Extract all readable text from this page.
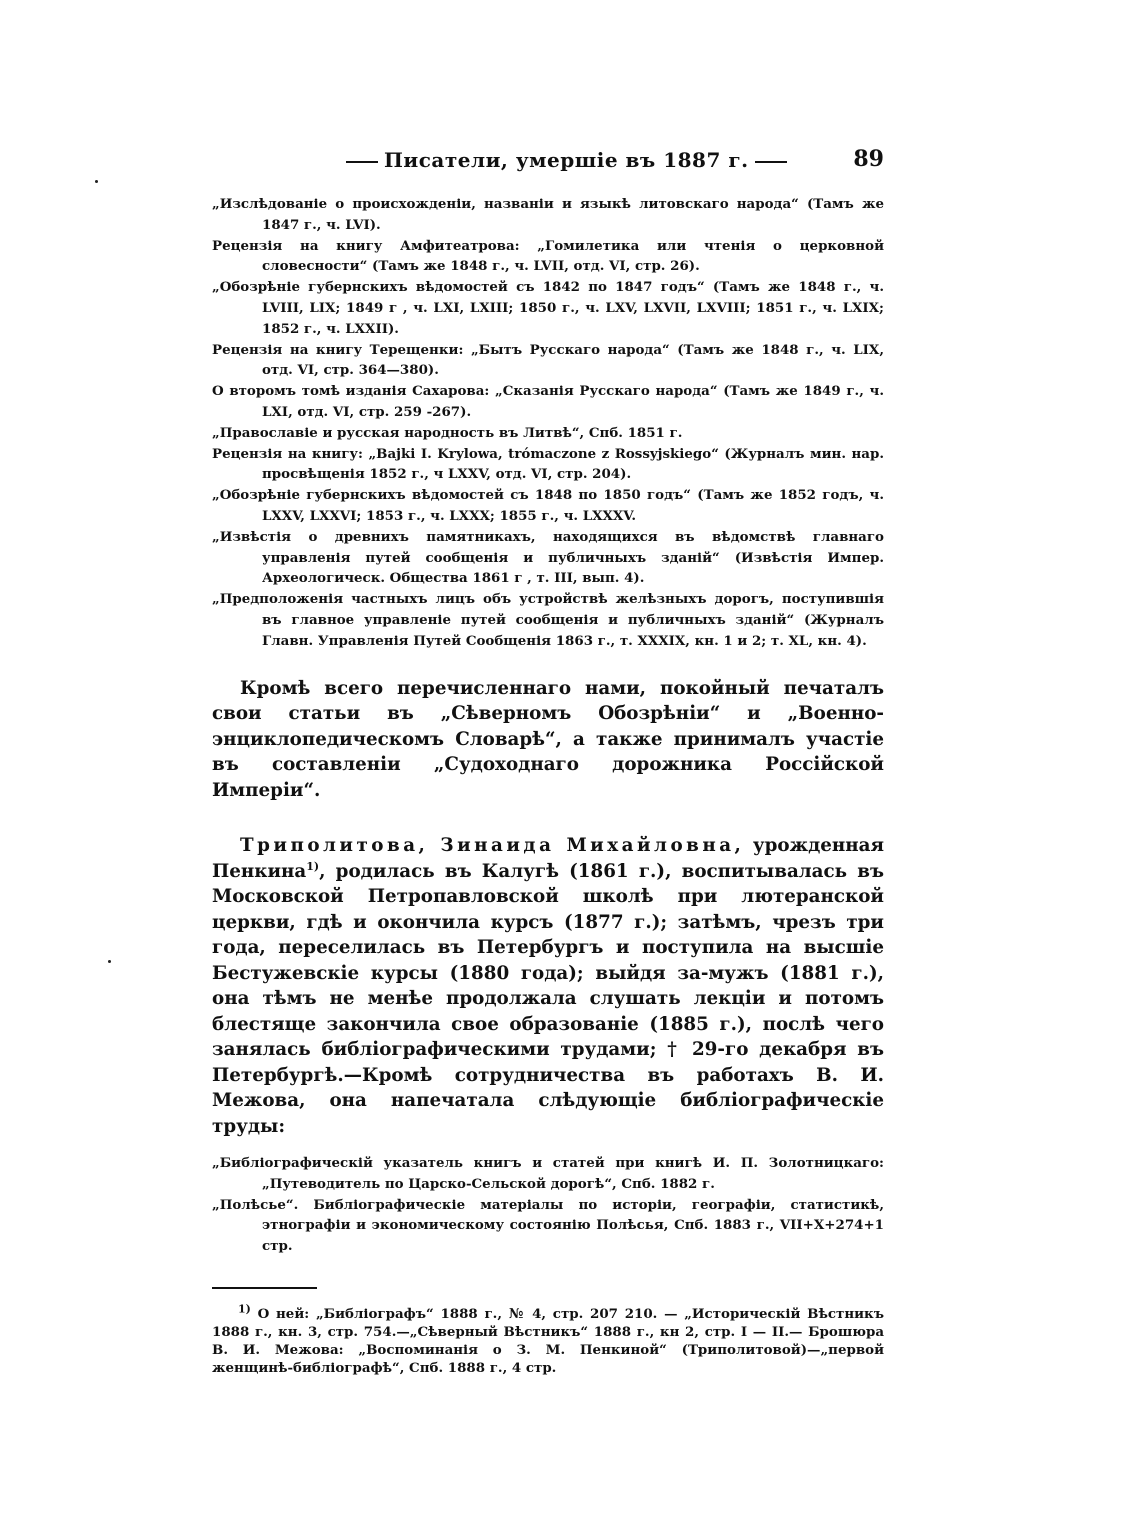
Писатели, умершіе въ 1887 г.	89

„Изслѣдованіе о происхожденіи, названіи и языкѣ литовскаго народа“ (Тамъ же 1847 г., ч. LVI).

Рецензія на книгу Амфитеатрова: „Гомилетика или чтенія о церковной словесности“ (Тамъ же 1848 г., ч. LVII, отд. VI, стр. 26).

„Обозрѣніе губернскихъ вѣдомостей съ 1842 по 1847 годъ“ (Тамъ же 1848 г., ч. LVIII, LIX; 1849 г , ч. LXI, LXIII; 1850 г., ч. LXV, LXVII, LXVIII; 1851 г., ч. LXIX; 1852 г., ч. LXXII).

Рецензія на книгу Терещенки: „Бытъ Русскаго народа“ (Тамъ же 1848 г., ч. LIX, отд. VI, стр. 364—380).

О второмъ томѣ изданія Сахарова: „Сказанія Русскаго народа“ (Тамъ же 1849 г., ч. LXI, отд. VI, стр. 259 -267).

„Православіе и русская народность въ Литвѣ“, Спб. 1851 г.

Рецензія на книгу: „Bajki I. Krylowa, trómaczone z Rossyjskiego“ (Журналъ мин. нар. просвѣщенія 1852 г., ч LXXV, отд. VI, стр. 204).

„Обозрѣніе губернскихъ вѣдомостей съ 1848 по 1850 годъ“ (Тамъ же 1852 годъ, ч. LXXV, LXXVI; 1853 г., ч. LXXX; 1855 г., ч. LXXXV.

„Извѣстія о древнихъ памятникахъ, находящихся въ вѣдомствѣ главнаго управленія путей сообщенія и публичныхъ зданій“ (Извѣстія Импер. Археологическ. Общества 1861 г , т. III, вып. 4).

„Предположенія частныхъ лицъ объ устройствѣ желѣзныхъ дорогъ, поступившія въ главное управленіе путей сообщенія и публичныхъ зданій“ (Журналъ Главн. Управленія Путей Сообщенія 1863 г., т. XXXIX, кн. 1 и 2; т. XL, кн. 4).

Кромѣ всего перечисленнаго нами, покойный печаталъ свои статьи въ „Сѣверномъ Обозрѣніи“ и „Военно-энциклопедическомъ Словарѣ“, а также принималъ участіе въ составленіи „Судоходнаго дорожника Россійской Имперіи“.

Триполитова, Зинаида Михайловна, урожденная Пенкина$^{1)}$, родилась въ Калугѣ (1861 г.), воспитывалась въ Московской Петропавловской школѣ при лютеранской церкви, гдѣ и окончила курсъ (1877 г.); затѣмъ, чрезъ три года, переселилась въ Петербургъ и поступила на высшіе Бестужевскіе курсы (1880 года); выйдя за-мужъ (1881 г.), она тѣмъ не менѣе продолжала слушать лекціи и потомъ блестяще закончила свое образованіе (1885 г.), послѣ чего занялась библіографическими трудами; † 29-го декабря въ Петербургѣ.—Кромѣ сотрудничества въ работахъ В. И. Межова, она напечатала слѣдующіе библіографическіе труды:

„Библіографическій указатель книгъ и статей при книгѣ И. П. Золотницкаго: „Путеводитель по Царско-Сельской дорогѣ“, Спб. 1882 г.

„Полѣсье“. Библіографическіе матеріалы по исторіи, географіи, статистикѣ, этнографіи и экономическому состоянію Полѣсья, Спб. 1883 г., VII+X+274+1 стр.

$^{1)}$ О ней: „Библіографъ“ 1888 г., № 4, стр. 207 210. — „Историческій Вѣстникъ 1888 г., кн. 3, стр. 754.—„Сѣверный Вѣстникъ“ 1888 г., кн 2, стр. I — II.— Брошюра В. И. Межова: „Воспоминанія о З. М. Пенкиной“ (Триполитовой)—„первой женщинѣ-библіографѣ“, Спб. 1888 г., 4 стр.
